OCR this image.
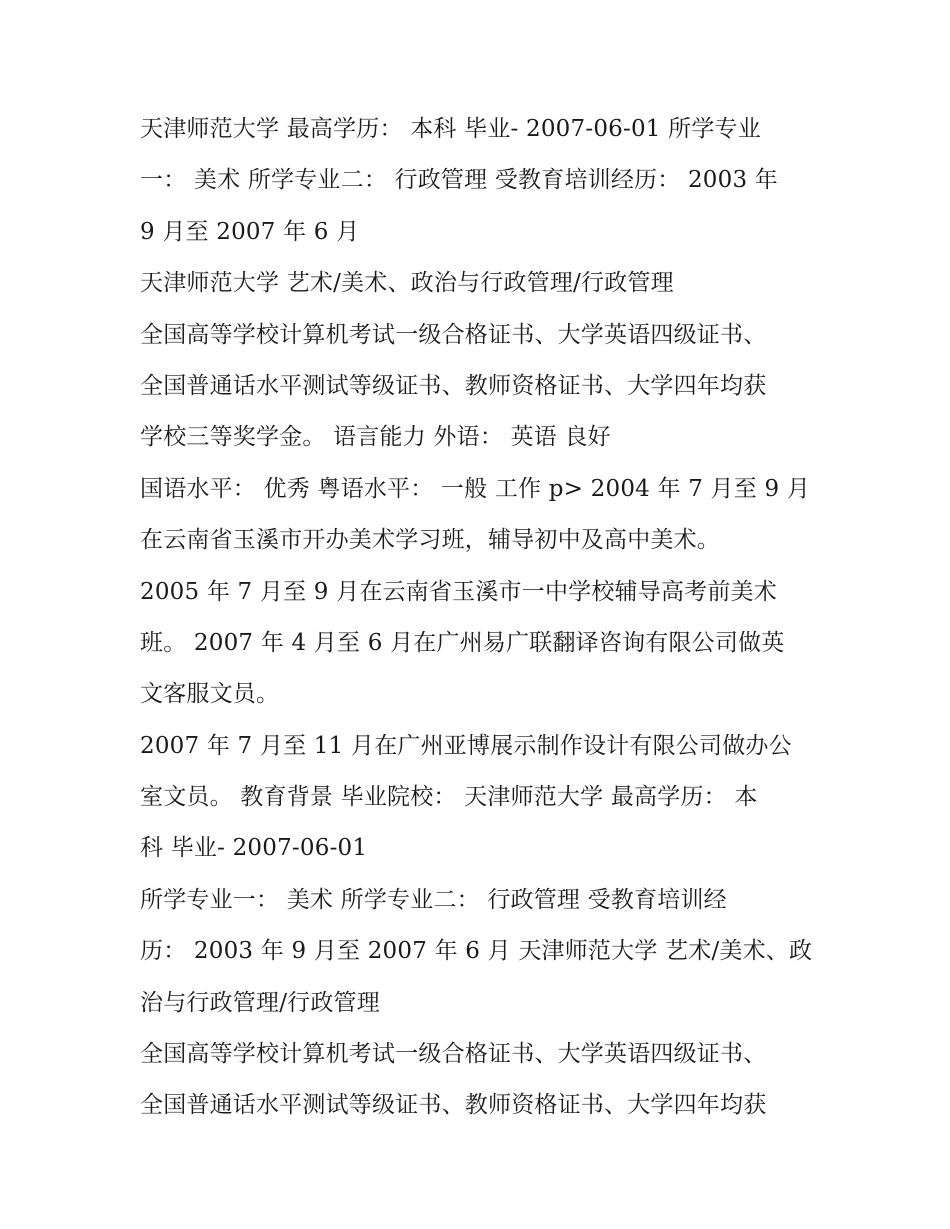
天津师范大学 最高学历： 本科 毕业- 2007-06-01 所学专业
一： 美术 所学专业二： 行政管理 受教育培训经历： 2003 年
9 月至 2007 年 6 月
天津师范大学 艺术/美术、政治与行政管理/行政管理
全国高等学校计算机考试一级合格证书、大学英语四级证书、
全国普通话水平测试等级证书、教师资格证书、大学四年均获
学校三等奖学金。 语言能力 外语： 英语 良好
国语水平： 优秀 粤语水平： 一般 工作 p> 2004 年 7 月至 9 月
在云南省玉溪市开办美术学习班，辅导初中及高中美术。
2005 年 7 月至 9 月在云南省玉溪市一中学校辅导高考前美术
班。 2007 年 4 月至 6 月在广州易广联翻译咨询有限公司做英
文客服文员。
2007 年 7 月至 11 月在广州亚博展示制作设计有限公司做办公
室文员。 教育背景 毕业院校： 天津师范大学 最高学历： 本
科 毕业- 2007-06-01
所学专业一： 美术 所学专业二： 行政管理 受教育培训经
历： 2003 年 9 月至 2007 年 6 月 天津师范大学 艺术/美术、政
治与行政管理/行政管理
全国高等学校计算机考试一级合格证书、大学英语四级证书、
全国普通话水平测试等级证书、教师资格证书、大学四年均获
